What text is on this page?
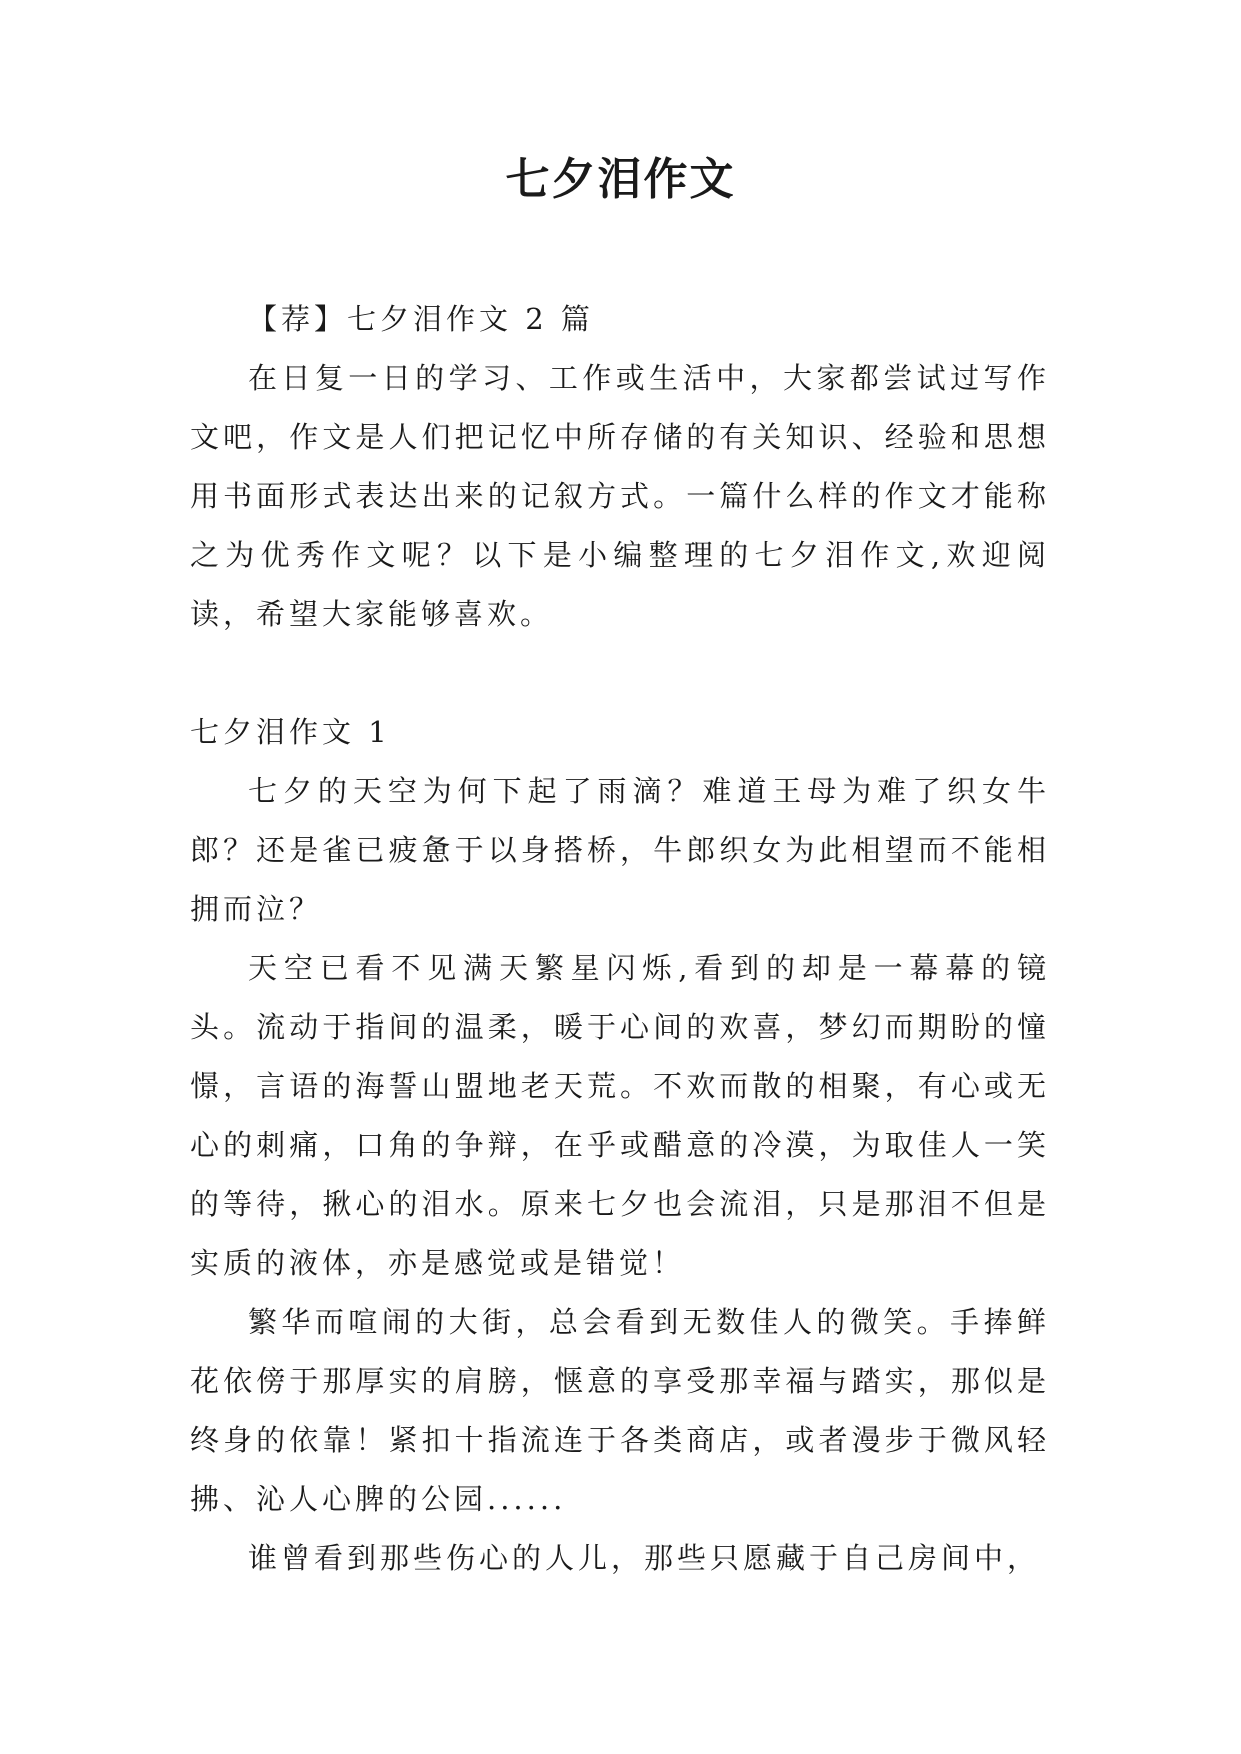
七夕泪作文

【荐】七夕泪作文 2 篇

在日复一日的学习、工作或生活中，大家都尝试过写作文吧，作文是人们把记忆中所存储的有关知识、经验和思想用书面形式表达出来的记叙方式。一篇什么样的作文才能称之为优秀作文呢？以下是小编整理的七夕泪作文,欢迎阅读，希望大家能够喜欢。

七夕泪作文 1

七夕的天空为何下起了雨滴？难道王母为难了织女牛郎？还是雀已疲惫于以身搭桥，牛郎织女为此相望而不能相拥而泣？

天空已看不见满天繁星闪烁,看到的却是一幕幕的镜头。流动于指间的温柔，暖于心间的欢喜，梦幻而期盼的憧憬，言语的海誓山盟地老天荒。不欢而散的相聚，有心或无心的刺痛，口角的争辩，在乎或醋意的冷漠，为取佳人一笑的等待，揪心的泪水。原来七夕也会流泪，只是那泪不但是实质的液体，亦是感觉或是错觉！

繁华而喧闹的大街，总会看到无数佳人的微笑。手捧鲜花依傍于那厚实的肩膀，惬意的享受那幸福与踏实，那似是终身的依靠！紧扣十指流连于各类商店，或者漫步于微风轻拂、沁人心脾的公园......

谁曾看到那些伤心的人儿，那些只愿藏于自己房间中，
